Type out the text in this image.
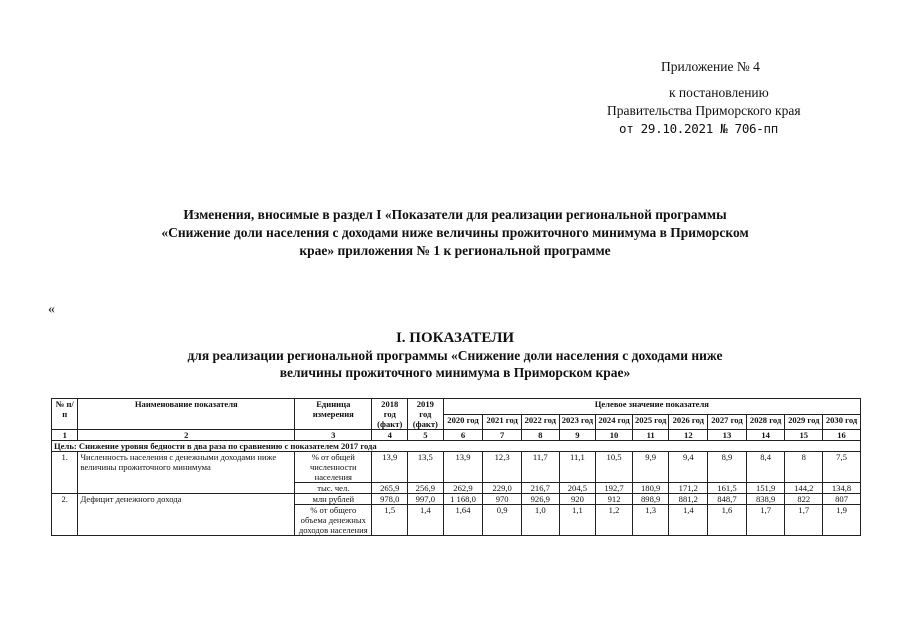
Приложение № 4
к постановлению
Правительства Приморского края
от 29.10.2021 № 706-пп
Изменения, вносимые в раздел I «Показатели для реализации региональной программы
«Снижение доли населения с доходами ниже величины прожиточного минимума в Приморском
крае» приложения № 1 к региональной программе
«
I. ПОКАЗАТЕЛИ
для реализации региональной программы «Снижение доли населения с доходами ниже
величины прожиточного минимума в Приморском крае»
№ п/п	Наименование показателя	Единица измерения	2018 год (факт)	2019 год (факт)	Целевое значение показателя										
					2020 год	2021 год	2022 год	2023 год	2024 год	2025 год	2026 год	2027 год	2028 год	2029 год	2030 год
1	2	3	4	5	6	7	8	9	10	11	12	13	14	15	16
Цель: Снижение уровня бедности в два раза по сравнению с показателем 2017 года															
1.	Численность населения с денежными доходами ниже величины прожиточного минимума	% от общей численности населения	13,9	13,5	13,9	12,3	11,7	11,1	10,5	9,9	9,4	8,9	8,4	8	7,5
		тыс. чел.	265,9	256,9	262,9	229,0	216,7	204,5	192,7	180,9	171,2	161,5	151,9	144,2	134,8
2.	Дефицит денежного дохода	млн рублей	978,0	997,0	1 168,0	970	926,9	920	912	898,9	881,2	848,7	838,9	822	807
		% от общего объема денежных доходов населения	1,5	1,4	1,64	0,9	1,0	1,1	1,2	1,3	1,4	1,6	1,7	1,7	1,9
